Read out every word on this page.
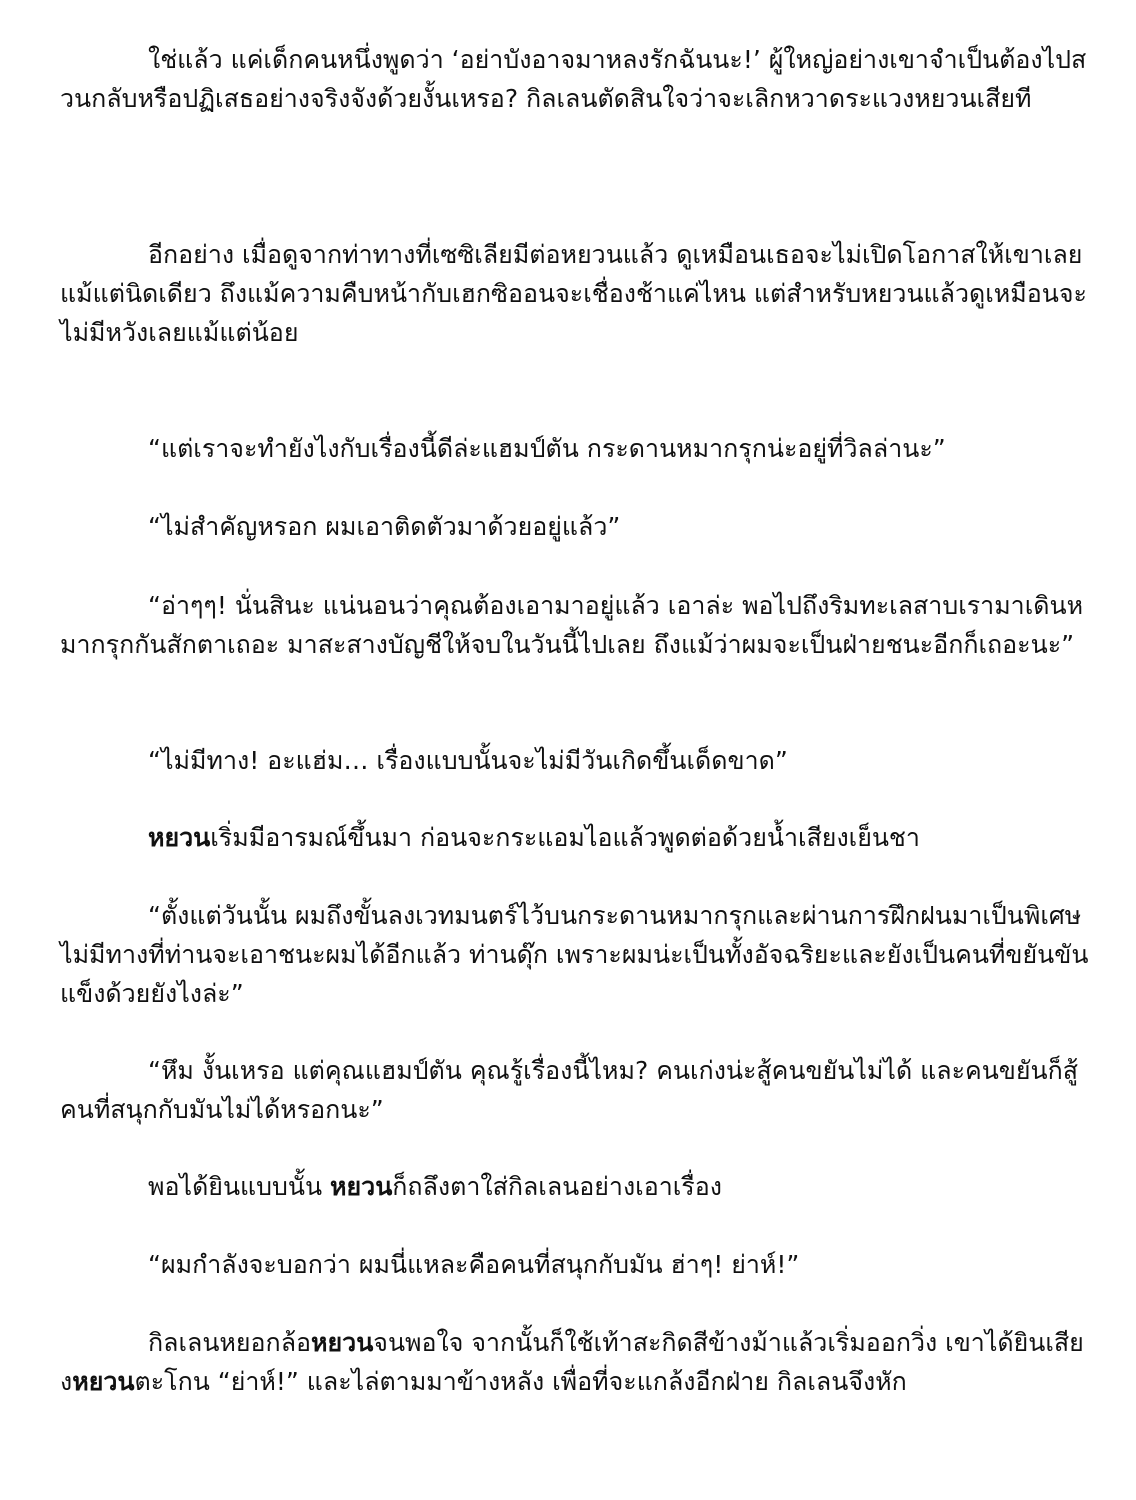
ใช่แล้ว แค่เด็กคนหนึ่งพูดว่า ‘อย่าบังอาจมาหลงรักฉันนะ!’ ผู้ใหญ่อย่างเขาจำเป็นต้องไปสวนกลับหรือปฏิเสธอย่างจริงจังด้วยงั้นเหรอ? กิลเลนตัดสินใจว่าจะเลิกหวาดระแวงหยวนเสียที

อีกอย่าง เมื่อดูจากท่าทางที่เซซิเลียมีต่อหยวนแล้ว ดูเหมือนเธอจะไม่เปิดโอกาสให้เขาเลยแม้แต่นิดเดียว ถึงแม้ความคืบหน้ากับเฮกซิออนจะเชื่องช้าแค่ไหน แต่สำหรับหยวนแล้วดูเหมือนจะไม่มีหวังเลยแม้แต่น้อย

“แต่เราจะทำยังไงกับเรื่องนี้ดีล่ะแฮมป์ตัน กระดานหมากรุกน่ะอยู่ที่วิลล่านะ”

“ไม่สำคัญหรอก ผมเอาติดตัวมาด้วยอยู่แล้ว”

“อ่าๆๆ! นั่นสินะ แน่นอนว่าคุณต้องเอามาอยู่แล้ว เอาล่ะ พอไปถึงริมทะเลสาบเรามาเดินหมากรุกกันสักตาเถอะ มาสะสางบัญชีให้จบในวันนี้ไปเลย ถึงแม้ว่าผมจะเป็นฝ่ายชนะอีกก็เถอะนะ”

“ไม่มีทาง! อะแฮ่ม… เรื่องแบบนั้นจะไม่มีวันเกิดขึ้นเด็ดขาด”

หยวนเริ่มมีอารมณ์ขึ้นมา ก่อนจะกระแอมไอแล้วพูดต่อด้วยน้ำเสียงเย็นชา

“ตั้งแต่วันนั้น ผมถึงขั้นลงเวทมนตร์ไว้บนกระดานหมากรุกและผ่านการฝึกฝนมาเป็นพิเศษ ไม่มีทางที่ท่านจะเอาชนะผมได้อีกแล้ว ท่านดุ๊ก เพราะผมน่ะเป็นทั้งอัจฉริยะและยังเป็นคนที่ขยันขันแข็งด้วยยังไงล่ะ”

“หึม งั้นเหรอ แต่คุณแฮมป์ตัน คุณรู้เรื่องนี้ไหม? คนเก่งน่ะสู้คนขยันไม่ได้ และคนขยันก็สู้คนที่สนุกกับมันไม่ได้หรอกนะ”

พอได้ยินแบบนั้น หยวนก็ถลึงตาใส่กิลเลนอย่างเอาเรื่อง

“ผมกำลังจะบอกว่า ผมนี่แหละคือคนที่สนุกกับมัน ฮ่าๆ! ย่าห์!”

กิลเลนหยอกล้อหยวนจนพอใจ จากนั้นก็ใช้เท้าสะกิดสีข้างม้าแล้วเริ่มออกวิ่ง เขาได้ยินเสียงหยวนตะโกน “ย่าห์!” และไล่ตามมาข้างหลัง เพื่อที่จะแกล้งอีกฝ่าย กิลเลนจึงหัก
